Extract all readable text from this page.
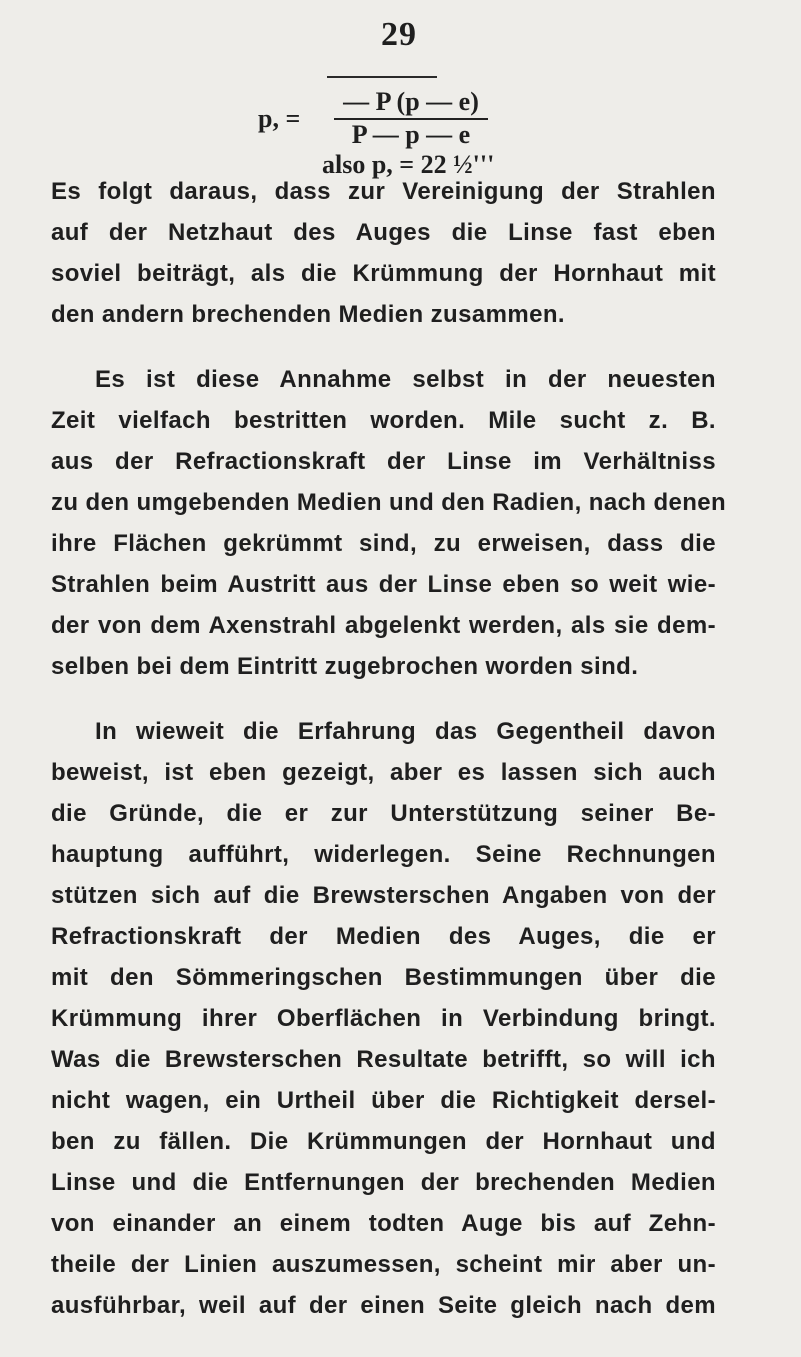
29
p, =
— P (p — e)
P — p — e
also p, = 22 ½'''
Es folgt daraus, dass zur Vereinigung der Strahlen
auf der Netzhaut des Auges die Linse fast eben
soviel beiträgt, als die Krümmung der Hornhaut mit
den andern brechenden Medien zusammen.
Es ist diese Annahme selbst in der neuesten
Zeit vielfach bestritten worden. Mile sucht z. B.
aus der Refractionskraft der Linse im Verhältniss
zu den umgebenden Medien und den Radien, nach denen
ihre Flächen gekrümmt sind, zu erweisen, dass die
Strahlen beim Austritt aus der Linse eben so weit wie-
der von dem Axenstrahl abgelenkt werden, als sie dem-
selben bei dem Eintritt zugebrochen worden sind.
In wieweit die Erfahrung das Gegentheil davon
beweist, ist eben gezeigt, aber es lassen sich auch
die Gründe, die er zur Unterstützung seiner Be-
hauptung aufführt, widerlegen. Seine Rechnungen
stützen sich auf die Brewsterschen Angaben von der
Refractionskraft der Medien des Auges, die er
mit den Sömmeringschen Bestimmungen über die
Krümmung ihrer Oberflächen in Verbindung bringt.
Was die Brewsterschen Resultate betrifft, so will ich
nicht wagen, ein Urtheil über die Richtigkeit dersel-
ben zu fällen. Die Krümmungen der Hornhaut und
Linse und die Entfernungen der brechenden Medien
von einander an einem todten Auge bis auf Zehn-
theile der Linien auszumessen, scheint mir aber un-
ausführbar, weil auf der einen Seite gleich nach dem
